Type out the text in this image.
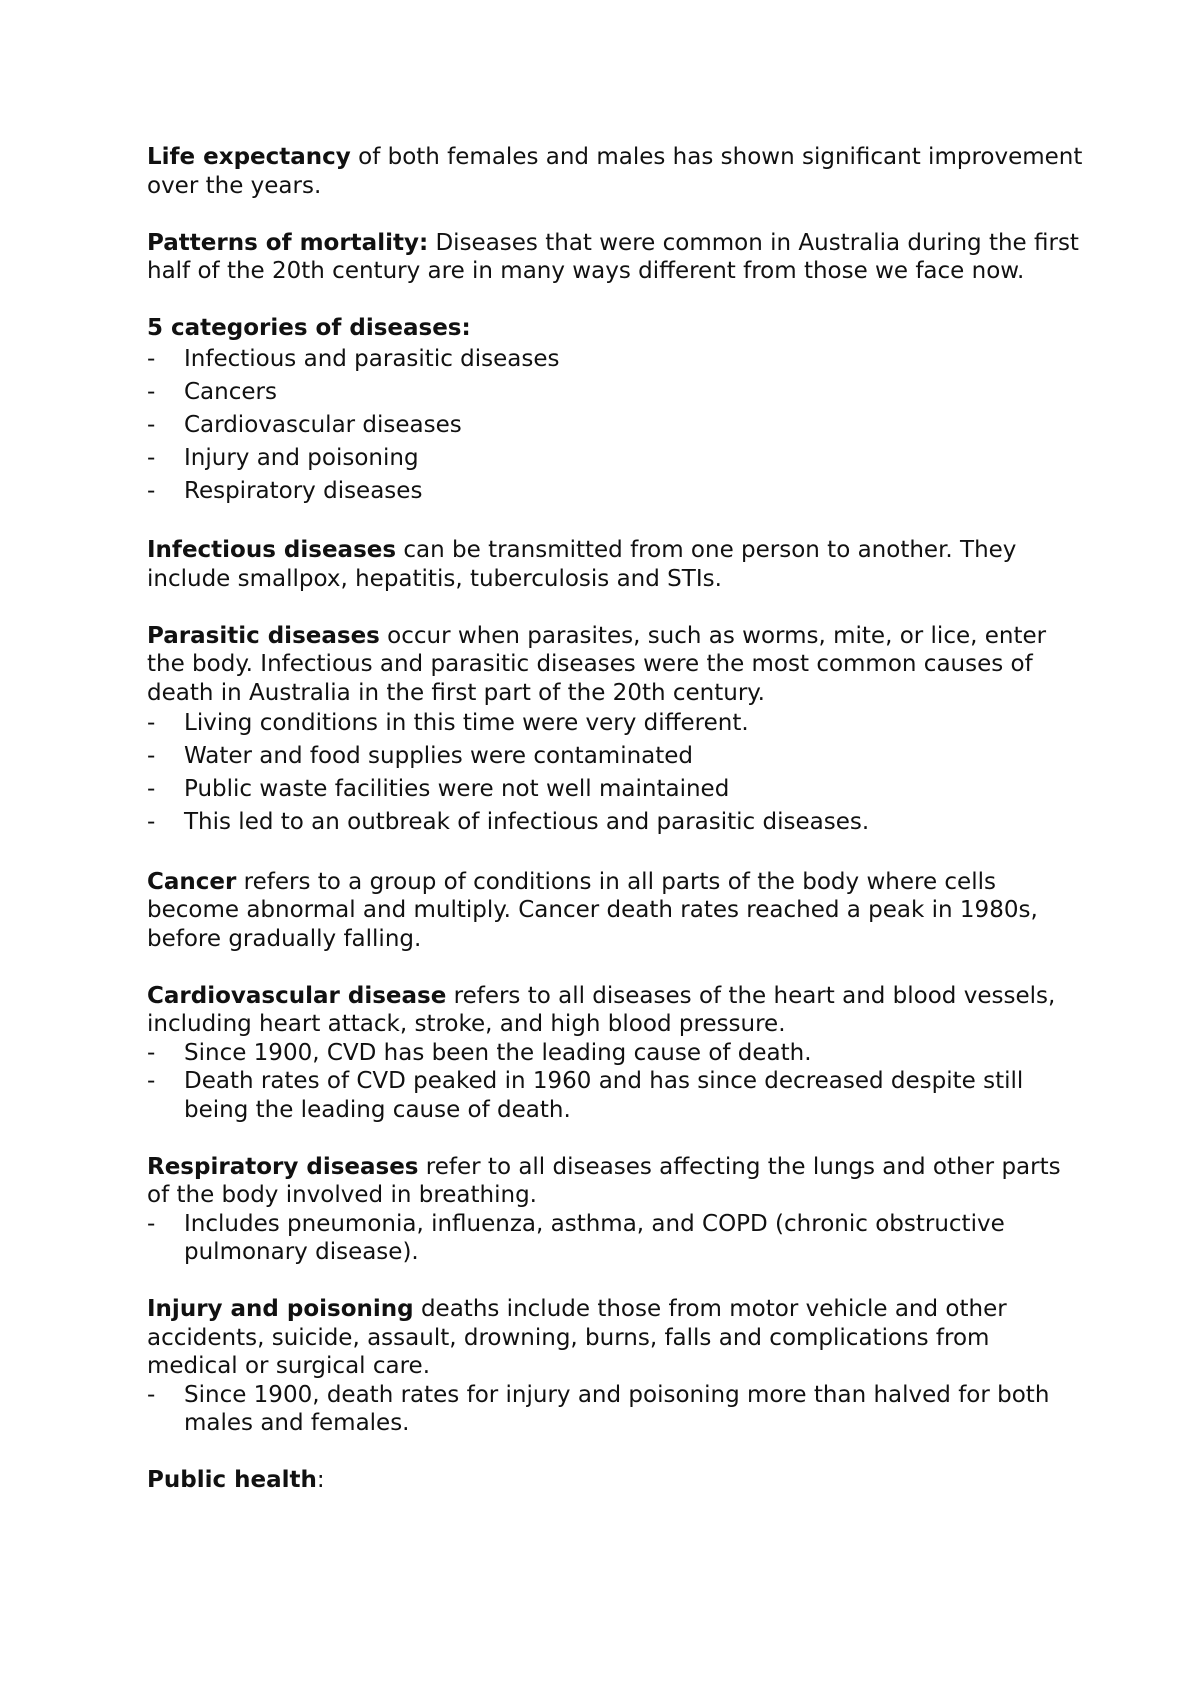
Life expectancy of both females and males has shown significant improvement over the years.

Patterns of mortality: Diseases that were common in Australia during the first half of the 20th century are in many ways different from those we face now.

5 categories of diseases:

- Infectious and parasitic diseases
- Cancers
- Cardiovascular diseases
- Injury and poisoning
- Respiratory diseases

Infectious diseases can be transmitted from one person to another. They include smallpox, hepatitis, tuberculosis and STIs.

Parasitic diseases occur when parasites, such as worms, mite, or lice, enter the body. Infectious and parasitic diseases were the most common causes of death in Australia in the first part of the 20th century.

- Living conditions in this time were very different.
- Water and food supplies were contaminated
- Public waste facilities were not well maintained
- This led to an outbreak of infectious and parasitic diseases.

Cancer refers to a group of conditions in all parts of the body where cells become abnormal and multiply. Cancer death rates reached a peak in 1980s, before gradually falling.

Cardiovascular disease refers to all diseases of the heart and blood vessels, including heart attack, stroke, and high blood pressure.

- Since 1900, CVD has been the leading cause of death.
- Death rates of CVD peaked in 1960 and has since decreased despite still being the leading cause of death.

Respiratory diseases refer to all diseases affecting the lungs and other parts of the body involved in breathing.

- Includes pneumonia, influenza, asthma, and COPD (chronic obstructive pulmonary disease).

Injury and poisoning deaths include those from motor vehicle and other accidents, suicide, assault, drowning, burns, falls and complications from medical or surgical care.

- Since 1900, death rates for injury and poisoning more than halved for both males and females.

Public health:
